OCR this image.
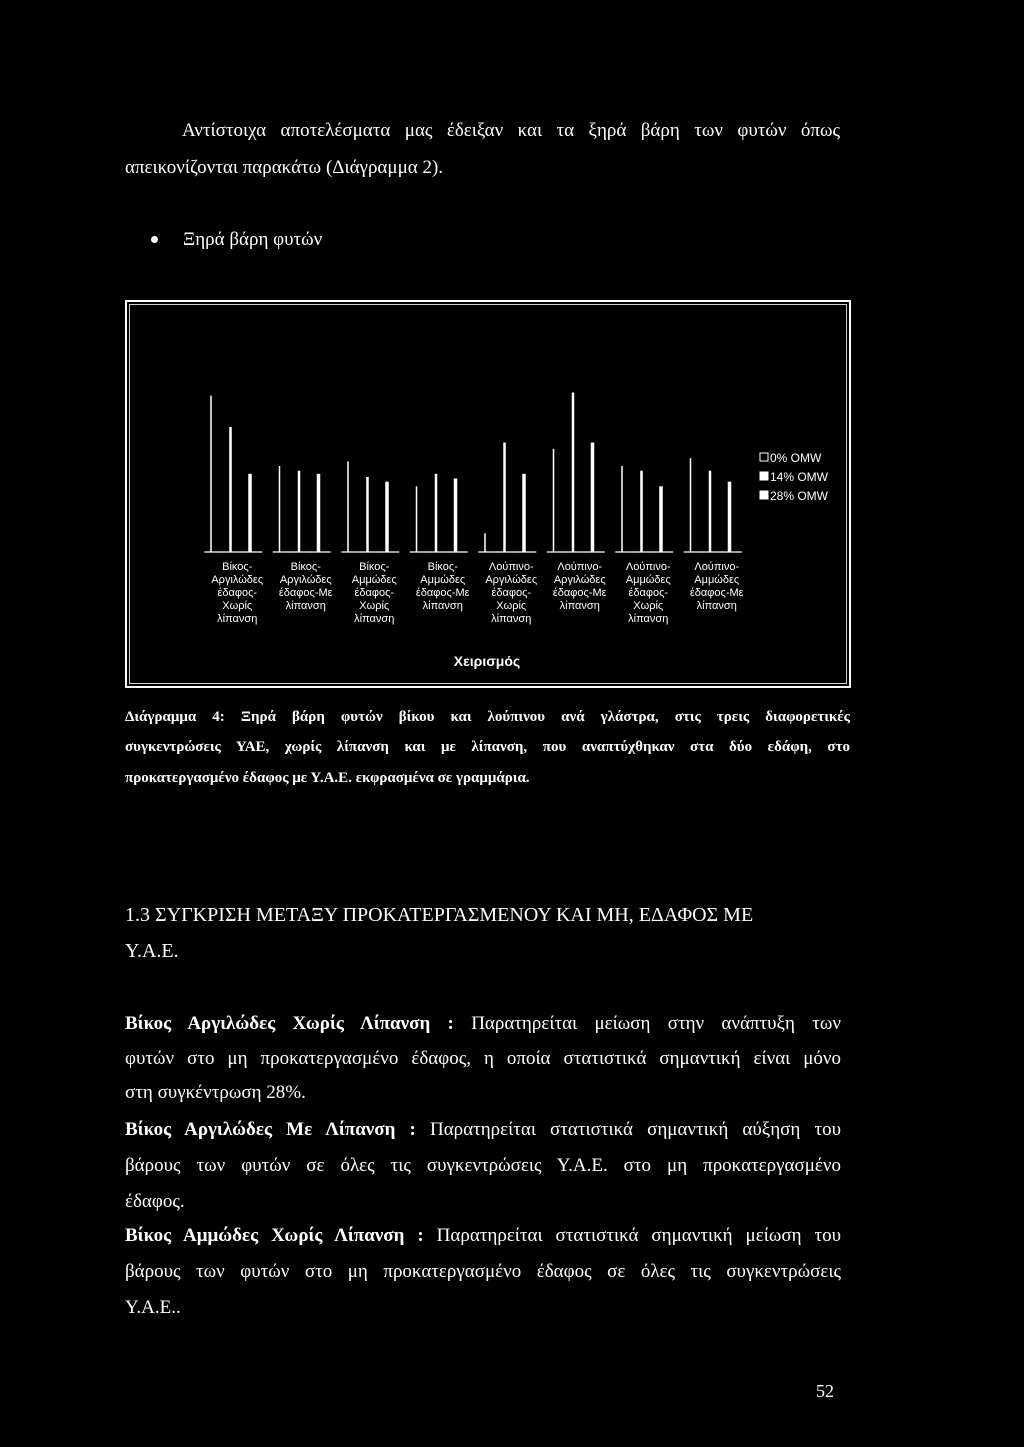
Αντίστοιχα αποτελέσματα μας έδειξαν και τα ξηρά βάρη των φυτών όπως
απεικονίζονται παρακάτω (Διάγραμμα 2).
Ξηρά βάρη φυτών
Βίκος-Αργιλώδες έδαφος-Χωρίς λίπανση
Βίκος-Αργιλώδες έδαφος-Με λίπανση
Βίκος-Αμμώδες έδαφος-Χωρίς λίπανση
Βίκος-Αμμώδες έδαφος-Με λίπανση
Λούπινο-Αργιλώδες έδαφος-Χωρίς λίπανση
Λούπινο-Αργιλώδες έδαφος-Με λίπανση
Λούπινο-Αμμώδες έδαφος-Χωρίς λίπανση
Λούπινο-Αμμώδες έδαφος-Με λίπανση
Χειρισμός
0% OMW
14% OMW
28% OMW
Διάγραμμα 4: Ξηρά βάρη φυτών βίκου και λούπινου ανά γλάστρα, στις τρεις διαφορετικές
συγκεντρώσεις ΥΑΕ, χωρίς λίπανση και με λίπανση, που αναπτύχθηκαν στα δύο εδάφη, στο
προκατεργασμένο έδαφος με Υ.Α.Ε. εκφρασμένα σε γραμμάρια.
1.3 ΣΥΓΚΡΙΣΗ ΜΕΤΑΞΥ ΠΡΟΚΑΤΕΡΓΑΣΜΕΝΟΥ ΚΑΙ ΜΗ, ΕΔΑΦΟΣ ΜΕ
Υ.Α.Ε.
Βίκος Αργιλώδες Χωρίς Λίπανση : Παρατηρείται μείωση στην ανάπτυξη των
φυτών στο μη προκατεργασμένο έδαφος, η οποία στατιστικά σημαντική είναι μόνο
στη συγκέντρωση 28%.
Βίκος Αργιλώδες Με Λίπανση : Παρατηρείται στατιστικά σημαντική αύξηση του
βάρους των φυτών σε όλες τις συγκεντρώσεις Υ.Α.Ε. στο μη προκατεργασμένο
έδαφος.
Βίκος Αμμώδες Χωρίς Λίπανση : Παρατηρείται στατιστικά σημαντική μείωση του
βάρους των φυτών στο μη προκατεργασμένο έδαφος σε όλες τις συγκεντρώσεις
Υ.Α.Ε..
52
